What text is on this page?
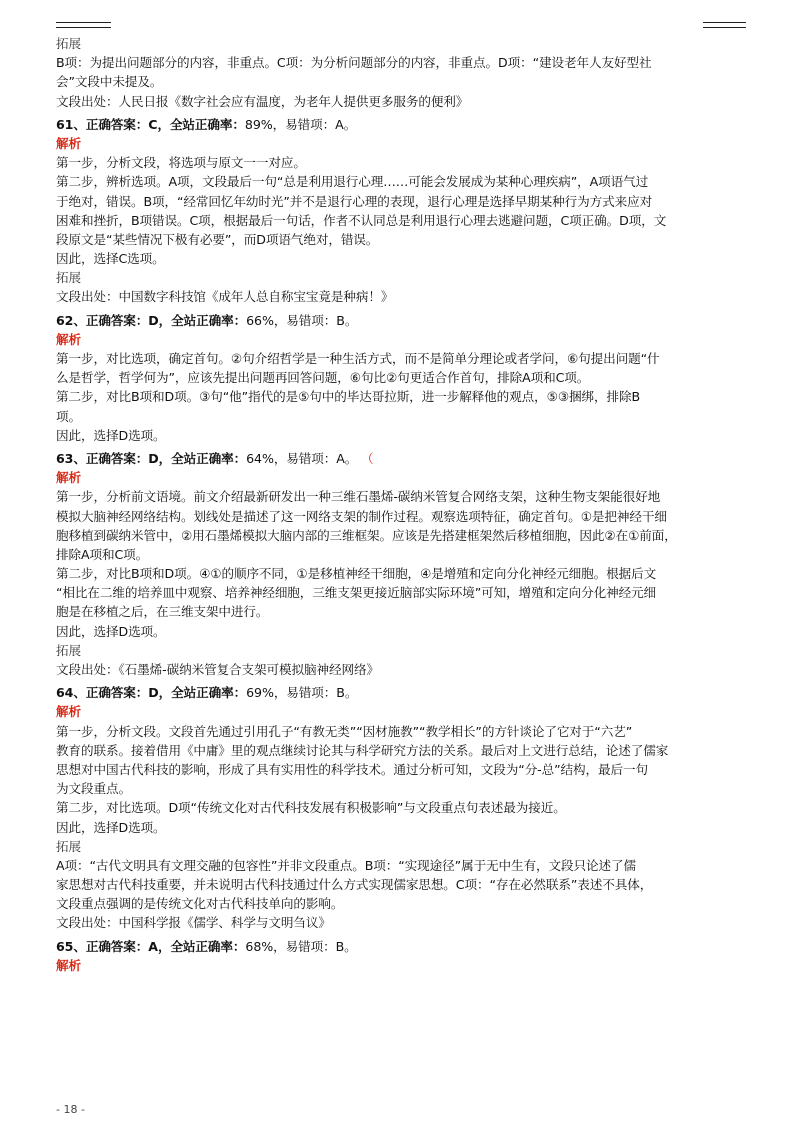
拓展
B项：为提出问题部分的内容，非重点。C项：为分析问题部分的内容，非重点。D项：“建设老年人友好型社
会”文段中未提及。
文段出处：人民日报《数字社会应有温度，为老年人提供更多服务的便利》
61、正确答案：C，全站正确率：89%，易错项：A。
解析
第一步，分析文段，将选项与原文一一对应。
第二步，辨析选项。A项，文段最后一句“总是利用退行心理……可能会发展成为某种心理疾病”，A项语气过
于绝对，错误。B项，“经常回忆年幼时光”并不是退行心理的表现，退行心理是选择早期某种行为方式来应对
困难和挫折，B项错误。C项，根据最后一句话，作者不认同总是利用退行心理去逃避问题，C项正确。D项，文
段原文是“某些情况下极有必要”，而D项语气绝对，错误。
因此，选择C选项。
拓展
文段出处：中国数字科技馆《成年人总自称宝宝竟是种病！》
62、正确答案：D，全站正确率：66%，易错项：B。
解析
第一步，对比选项，确定首句。②句介绍哲学是一种生活方式，而不是简单分理论或者学问，⑥句提出问题“什
么是哲学，哲学何为”，应该先提出问题再回答问题，⑥句比②句更适合作首句，排除A项和C项。
第二步，对比B项和D项。③句“他”指代的是⑤句中的毕达哥拉斯，进一步解释他的观点，⑤③捆绑，排除B
项。
因此，选择D选项。
63、正确答案：D，全站正确率：64%，易错项：A。 （
解析
第一步，分析前文语境。前文介绍最新研发出一种三维石墨烯-碳纳米管复合网络支架，这种生物支架能很好地
模拟大脑神经网络结构。划线处是描述了这一网络支架的制作过程。观察选项特征，确定首句。①是把神经干细
胞移植到碳纳米管中，②用石墨烯模拟大脑内部的三维框架。应该是先搭建框架然后移植细胞，因此②在①前面，
排除A项和C项。
第二步，对比B项和D项。④①的顺序不同，①是移植神经干细胞，④是增殖和定向分化神经元细胞。根据后文
“相比在二维的培养皿中观察、培养神经细胞，三维支架更接近脑部实际环境”可知，增殖和定向分化神经元细
胞是在移植之后，在三维支架中进行。
因此，选择D选项。
拓展
文段出处：《石墨烯-碳纳米管复合支架可模拟脑神经网络》
64、正确答案：D，全站正确率：69%，易错项：B。
解析
第一步，分析文段。文段首先通过引用孔子“有教无类”“因材施教”“教学相长”的方针谈论了它对于“六艺”
教育的联系。接着借用《中庸》里的观点继续讨论其与科学研究方法的关系。最后对上文进行总结，论述了儒家
思想对中国古代科技的影响，形成了具有实用性的科学技术。通过分析可知，文段为“分-总”结构，最后一句
为文段重点。
第二步，对比选项。D项“传统文化对古代科技发展有积极影响”与文段重点句表述最为接近。
因此，选择D选项。
拓展
A项：“古代文明具有文理交融的包容性”并非文段重点。B项：“实现途径”属于无中生有，文段只论述了儒
家思想对古代科技重要，并未说明古代科技通过什么方式实现儒家思想。C项：“存在必然联系”表述不具体，
文段重点强调的是传统文化对古代科技单向的影响。
文段出处：中国科学报《儒学、科学与文明刍议》
65、正确答案：A，全站正确率：68%，易错项：B。
解析
- 18 -
